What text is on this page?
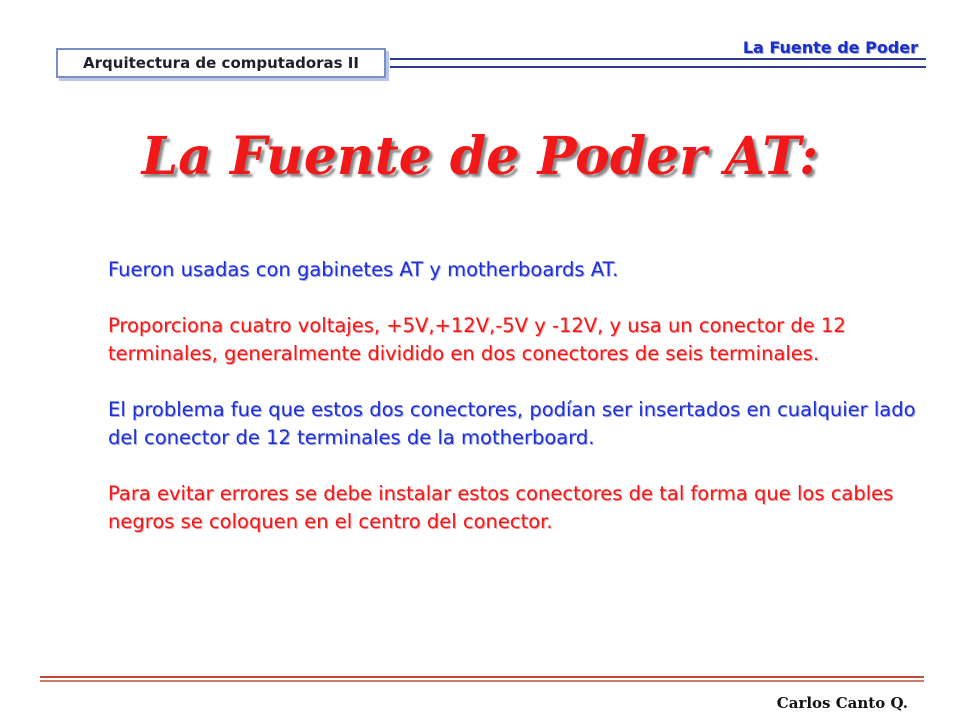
Arquitectura de computadoras II
La Fuente de Poder
La Fuente de Poder AT:

Fueron usadas con gabinetes AT y motherboards AT.

Proporciona cuatro voltajes, +5V,+12V,-5V y -12V, y usa un conector de 12 terminales, generalmente dividido en dos conectores de seis terminales.

El problema fue que estos dos conectores, podían ser insertados en cualquier lado del conector de 12 terminales de la motherboard.

Para evitar errores se debe instalar estos conectores de tal forma que los cables negros se coloquen en el centro del conector.

Carlos Canto Q.
